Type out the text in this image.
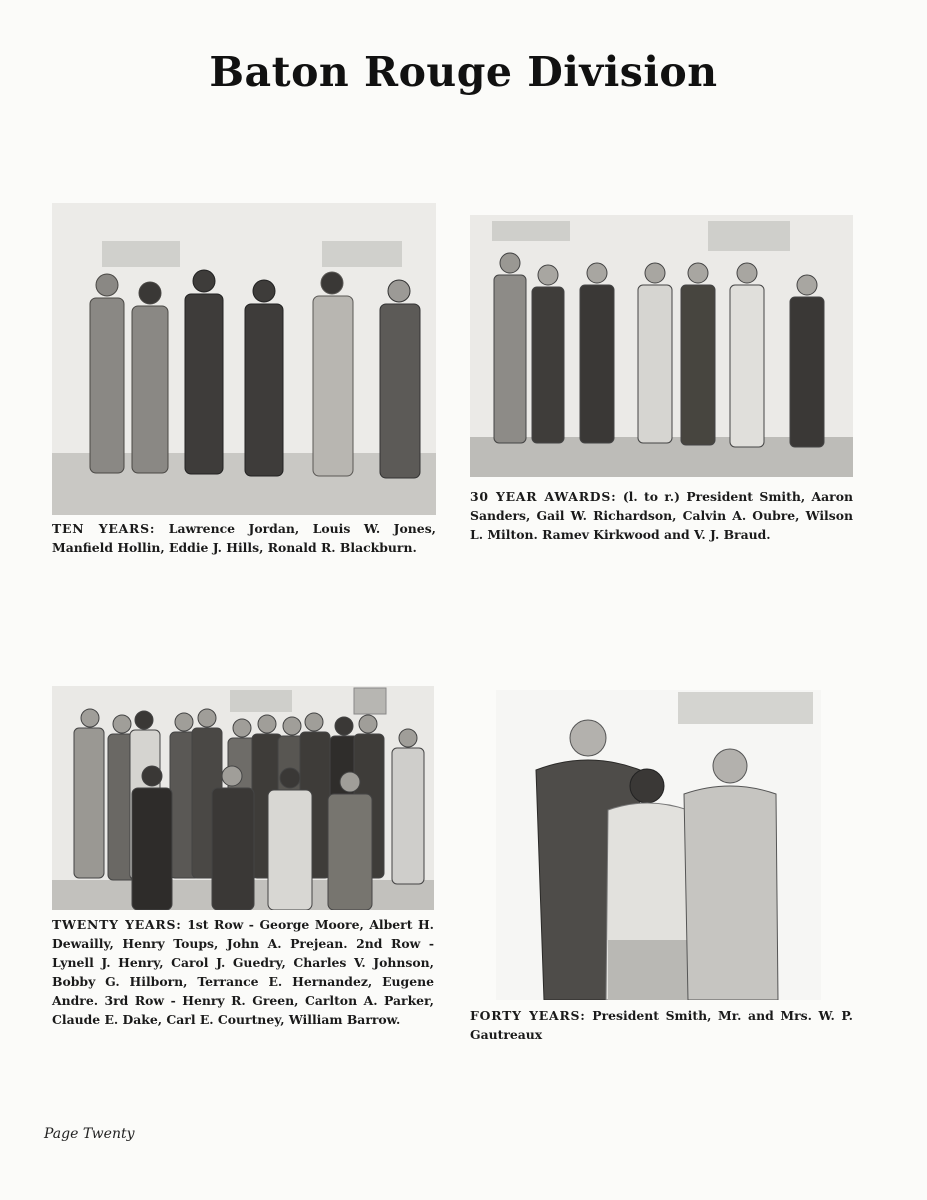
Baton Rouge Division
TEN YEARS: Lawrence Jordan, Louis W. Jones, Manfield Hollin, Eddie J. Hills, Ronald R. Blackburn.
30 YEAR AWARDS: (l. to r.) President Smith, Aaron Sanders, Gail W. Richardson, Calvin A. Oubre, Wilson L. Milton. Ramev Kirkwood and V. J. Braud.
TWENTY YEARS: 1st Row - George Moore, Albert H. Dewailly, Henry Toups, John A. Prejean. 2nd Row - Lynell J. Henry, Carol J. Guedry, Charles V. Johnson, Bobby G. Hilborn, Terrance E. Hernandez, Eugene Andre. 3rd Row - Henry R. Green, Carlton A. Parker, Claude E. Dake, Carl E. Courtney, William Barrow.	FORTY YEARS: President Smith, Mr. and Mrs. W. P. Gautreaux
Page Twenty
